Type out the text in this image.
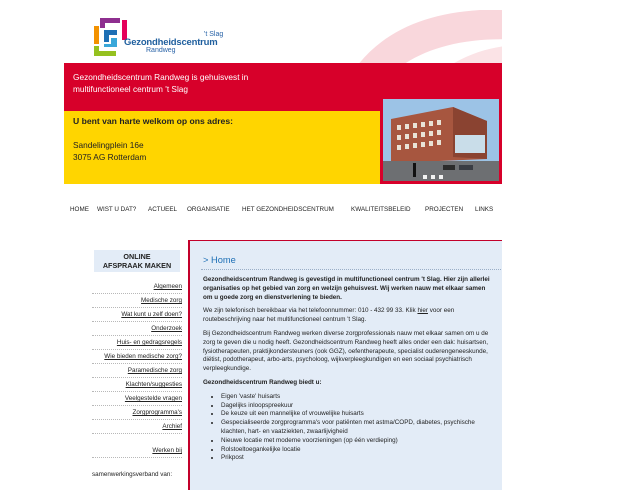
't Slag
Gezondheidscentrum
Randweg
Gezondheidscentrum Randweg is gehuisvest in multifunctioneel centrum 't Slag
U bent van harte welkom op ons adres:
Sandelingplein 16e
3075 AG Rotterdam
HOME WIST U DAT? ACTUEEL ORGANISATIE HET GEZONDHEIDSCENTRUM	KWALITEITSBELEID PROJECTEN LINKS
ONLINE
AFSPRAAK MAKEN
Algemeen
Medische zorg
Wat kunt u zelf doen?
Onderzoek
Huis- en gedragsregels
Wie bieden medische zorg?
Paramedische zorg
Klachten/suggesties
Veelgestelde vragen
Zorgprogramma's
Archief
Werken bij
samenwerkingsverband van:
> Home

Gezondheidscentrum Randweg is gevestigd in multifunctioneel centrum 't Slag. Hier zijn allerlei organisaties op het gebied van zorg en welzijn gehuisvest. Wij werken nauw met elkaar samen om u goede zorg en dienstverlening te bieden.

We zijn telefonisch bereikbaar via het telefoonnummer: 010 - 432 99 33. Klik hier voor een routebeschrijving naar het multifunctioneel centrum 't Slag.

Bij Gezondheidscentrum Randweg werken diverse zorgprofessionals nauw met elkaar samen om u de zorg te geven die u nodig heeft. Gezondheidscentrum Randweg heeft alles onder een dak: huisartsen, fysiotherapeuten, praktijkondersteuners (ook GGZ), oefentherapeute, specialist ouderengeneeskunde, diëtist, podotherapeut, arbo-arts, psycholoog, wijkverpleegkundigen en een sociaal psychiatrisch verpleegkundige.

Gezondheidscentrum Randweg biedt u:

• Eigen 'vaste' huisarts
• Dagelijks inloopspreekuur
• De keuze uit een mannelijke of vrouwelijke huisarts
• Gespecialiseerde zorgprogramma's voor patiënten met astma/COPD, diabetes, psychische klachten, hart- en vaatziekten, zwaarlijvigheid
• Nieuwe locatie met moderne voorzieningen (op één verdieping)
• Rolstoeltoegankelijke locatie
• Prikpost
